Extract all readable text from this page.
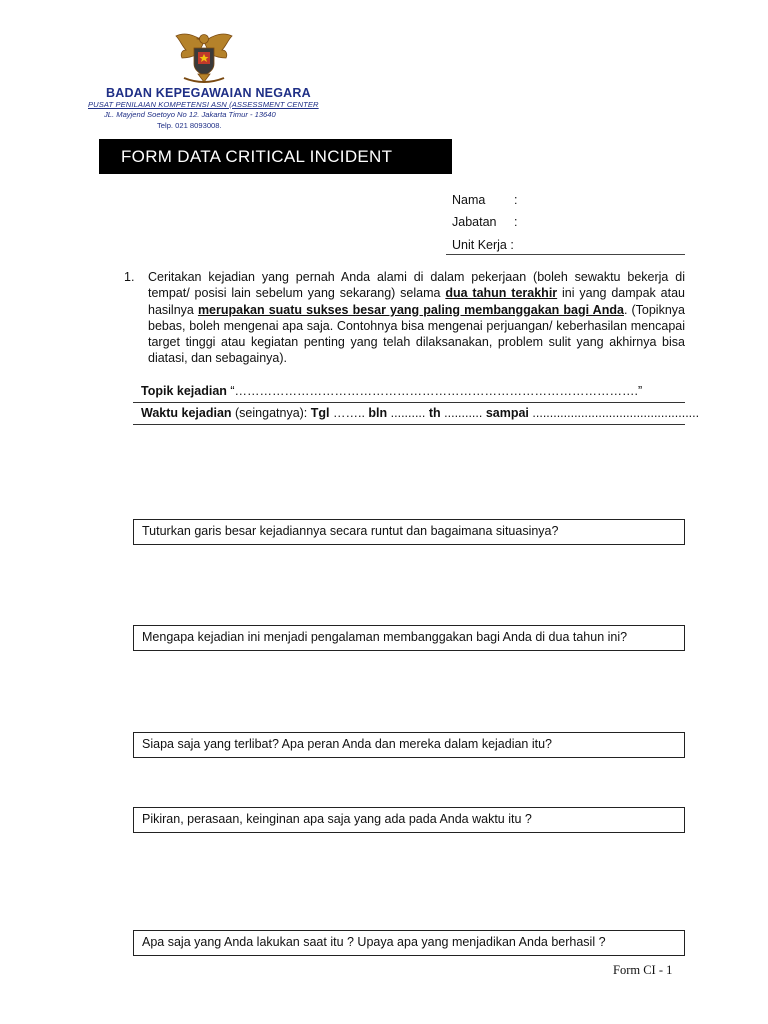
BADAN KEPEGAWAIAN NEGARA
PUSAT PENILAIAN KOMPETENSI ASN (ASSESSMENT CENTER
JL. Mayjend Soetoyo No 12. Jakarta Timur - 13640
Telp. 021 8093008.
FORM DATA CRITICAL INCIDENT
Nama :
Jabatan :
Unit Kerja :
1. Ceritakan kejadian yang pernah Anda alami di dalam pekerjaan (boleh sewaktu bekerja di tempat/ posisi lain sebelum yang sekarang) selama dua tahun terakhir ini yang dampak atau hasilnya merupakan suatu sukses besar yang paling membanggakan bagi Anda. (Topiknya bebas, boleh mengenai apa saja. Contohnya bisa mengenai perjuangan/ keberhasilan mencapai target tinggi atau kegiatan penting yang telah dilaksanakan, problem sulit yang akhirnya bisa diatasi, dan sebagainya).
Topik kejadian “…………………………………………………………………………………….”
Waktu kejadian (seingatnya): Tgl …….. bln .......... th ........... sampai ................................................
Tuturkan garis besar kejadiannya secara runtut dan bagaimana situasinya?
Mengapa kejadian ini menjadi pengalaman membanggakan bagi Anda di dua tahun ini?
Siapa saja yang terlibat? Apa peran Anda dan mereka dalam kejadian itu?
Pikiran, perasaan, keinginan apa saja yang ada pada Anda waktu itu ?
Apa saja yang Anda lakukan saat itu ? Upaya apa yang menjadikan Anda berhasil ?
Form CI - 1
